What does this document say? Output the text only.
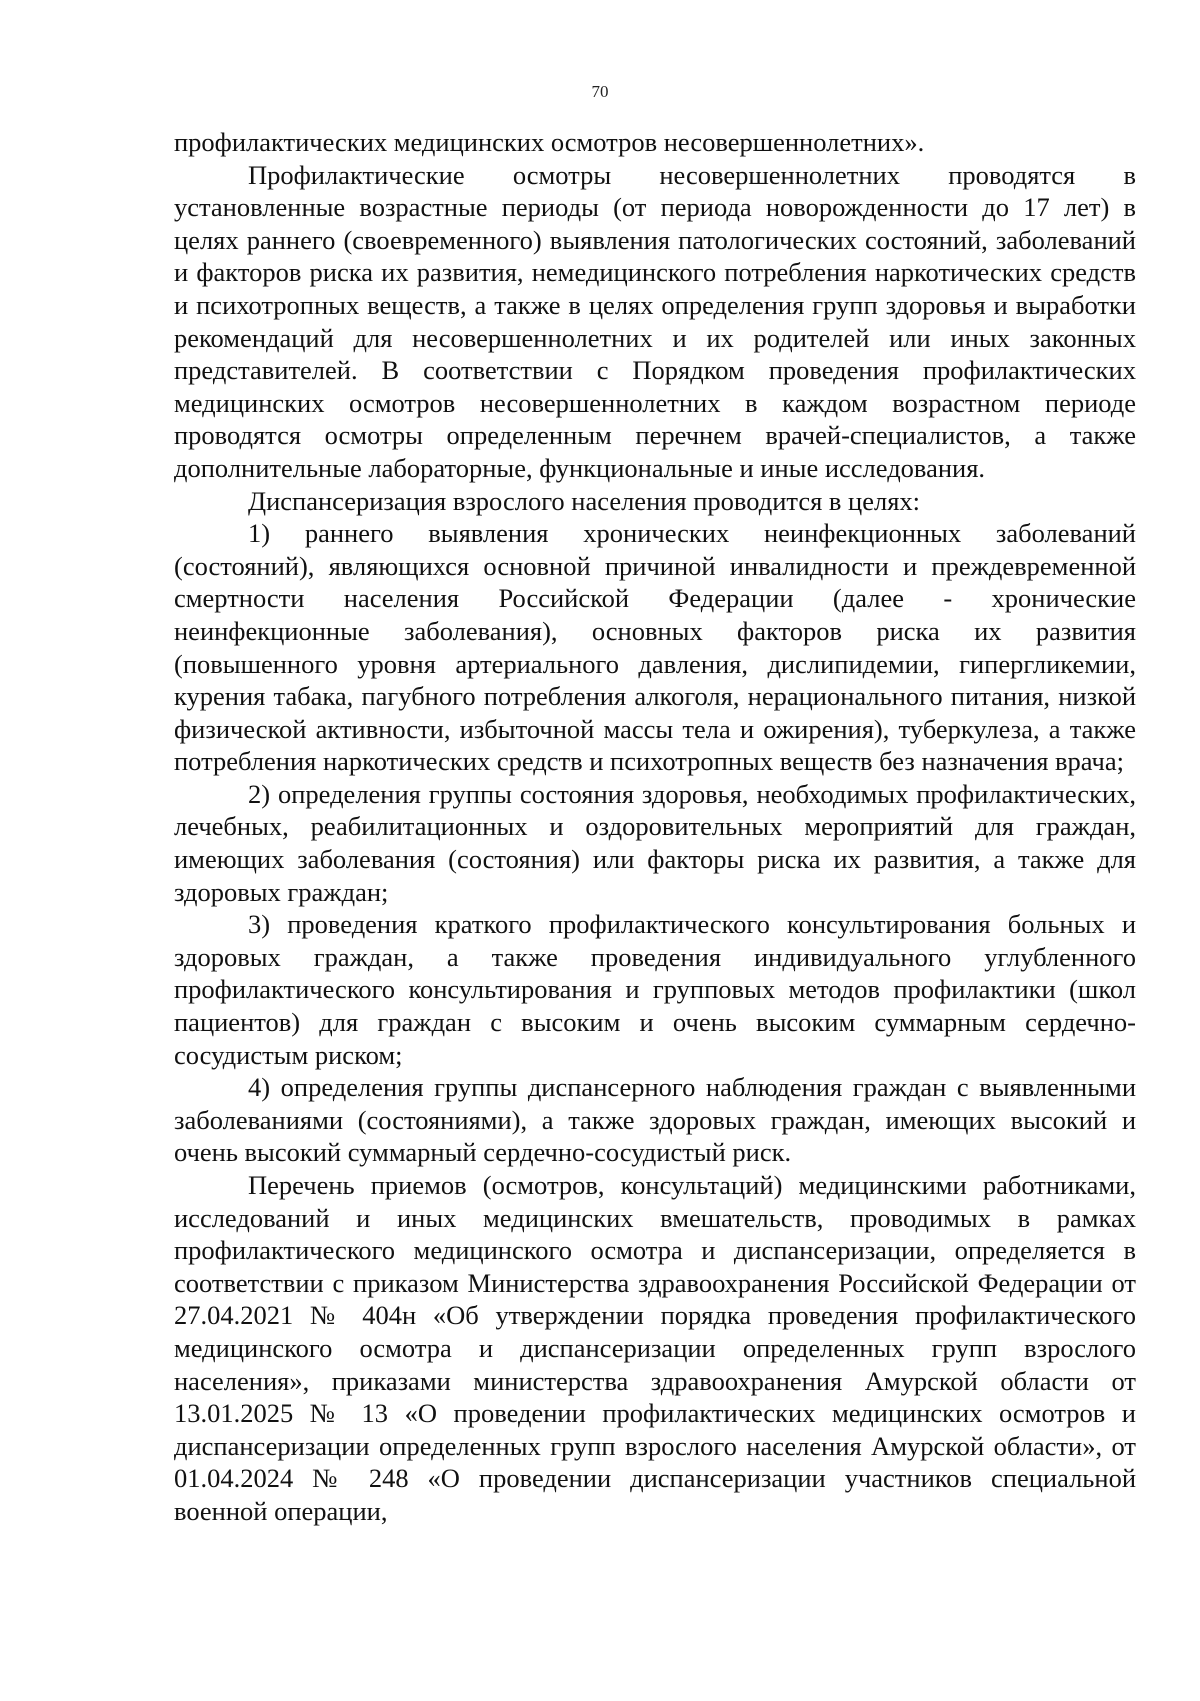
70

профилактических медицинских осмотров несовершеннолетних».

Профилактические осмотры несовершеннолетних проводятся в установленные возрастные периоды (от периода новорожденности до 17 лет) в целях раннего (своевременного) выявления патологических состояний, заболеваний и факторов риска их развития, немедицинского потребления наркотических средств и психотропных веществ, а также в целях определения групп здоровья и выработки рекомендаций для несовершеннолетних и их родителей или иных законных представителей. В соответствии с Порядком проведения профилактических медицинских осмотров несовершеннолетних в каждом возрастном периоде проводятся осмотры определенным перечнем врачей-специалистов, а также дополнительные лабораторные, функциональные и иные исследования.

Диспансеризация взрослого населения проводится в целях:

1) раннего выявления хронических неинфекционных заболеваний (состояний), являющихся основной причиной инвалидности и преждевременной смертности населения Российской Федерации (далее - хронические неинфекционные заболевания), основных факторов риска их развития (повышенного уровня артериального давления, дислипидемии, гипергликемии, курения табака, пагубного потребления алкоголя, нерационального питания, низкой физической активности, избыточной массы тела и ожирения), туберкулеза, а также потребления наркотических средств и психотропных веществ без назначения врача;

2) определения группы состояния здоровья, необходимых профилактических, лечебных, реабилитационных и оздоровительных мероприятий для граждан, имеющих заболевания (состояния) или факторы риска их развития, а также для здоровых граждан;

3) проведения краткого профилактического консультирования больных и здоровых граждан, а также проведения индивидуального углубленного профилактического консультирования и групповых методов профилактики (школ пациентов) для граждан с высоким и очень высоким суммарным сердечно-сосудистым риском;

4) определения группы диспансерного наблюдения граждан с выявленными заболеваниями (состояниями), а также здоровых граждан, имеющих высокий и очень высокий суммарный сердечно-сосудистый риск.

Перечень приемов (осмотров, консультаций) медицинскими работниками, исследований и иных медицинских вмешательств, проводимых в рамках профилактического медицинского осмотра и диспансеризации, определяется в соответствии с приказом Министерства здравоохранения Российской Федерации от 27.04.2021 № 404н «Об утверждении порядка проведения профилактического медицинского осмотра и диспансеризации определенных групп взрослого населения», приказами министерства здравоохранения Амурской области от 13.01.2025 № 13 «О проведении профилактических медицинских осмотров и диспансеризации определенных групп взрослого населения Амурской области», от 01.04.2024 № 248 «О проведении диспансеризации участников специальной военной операции,
